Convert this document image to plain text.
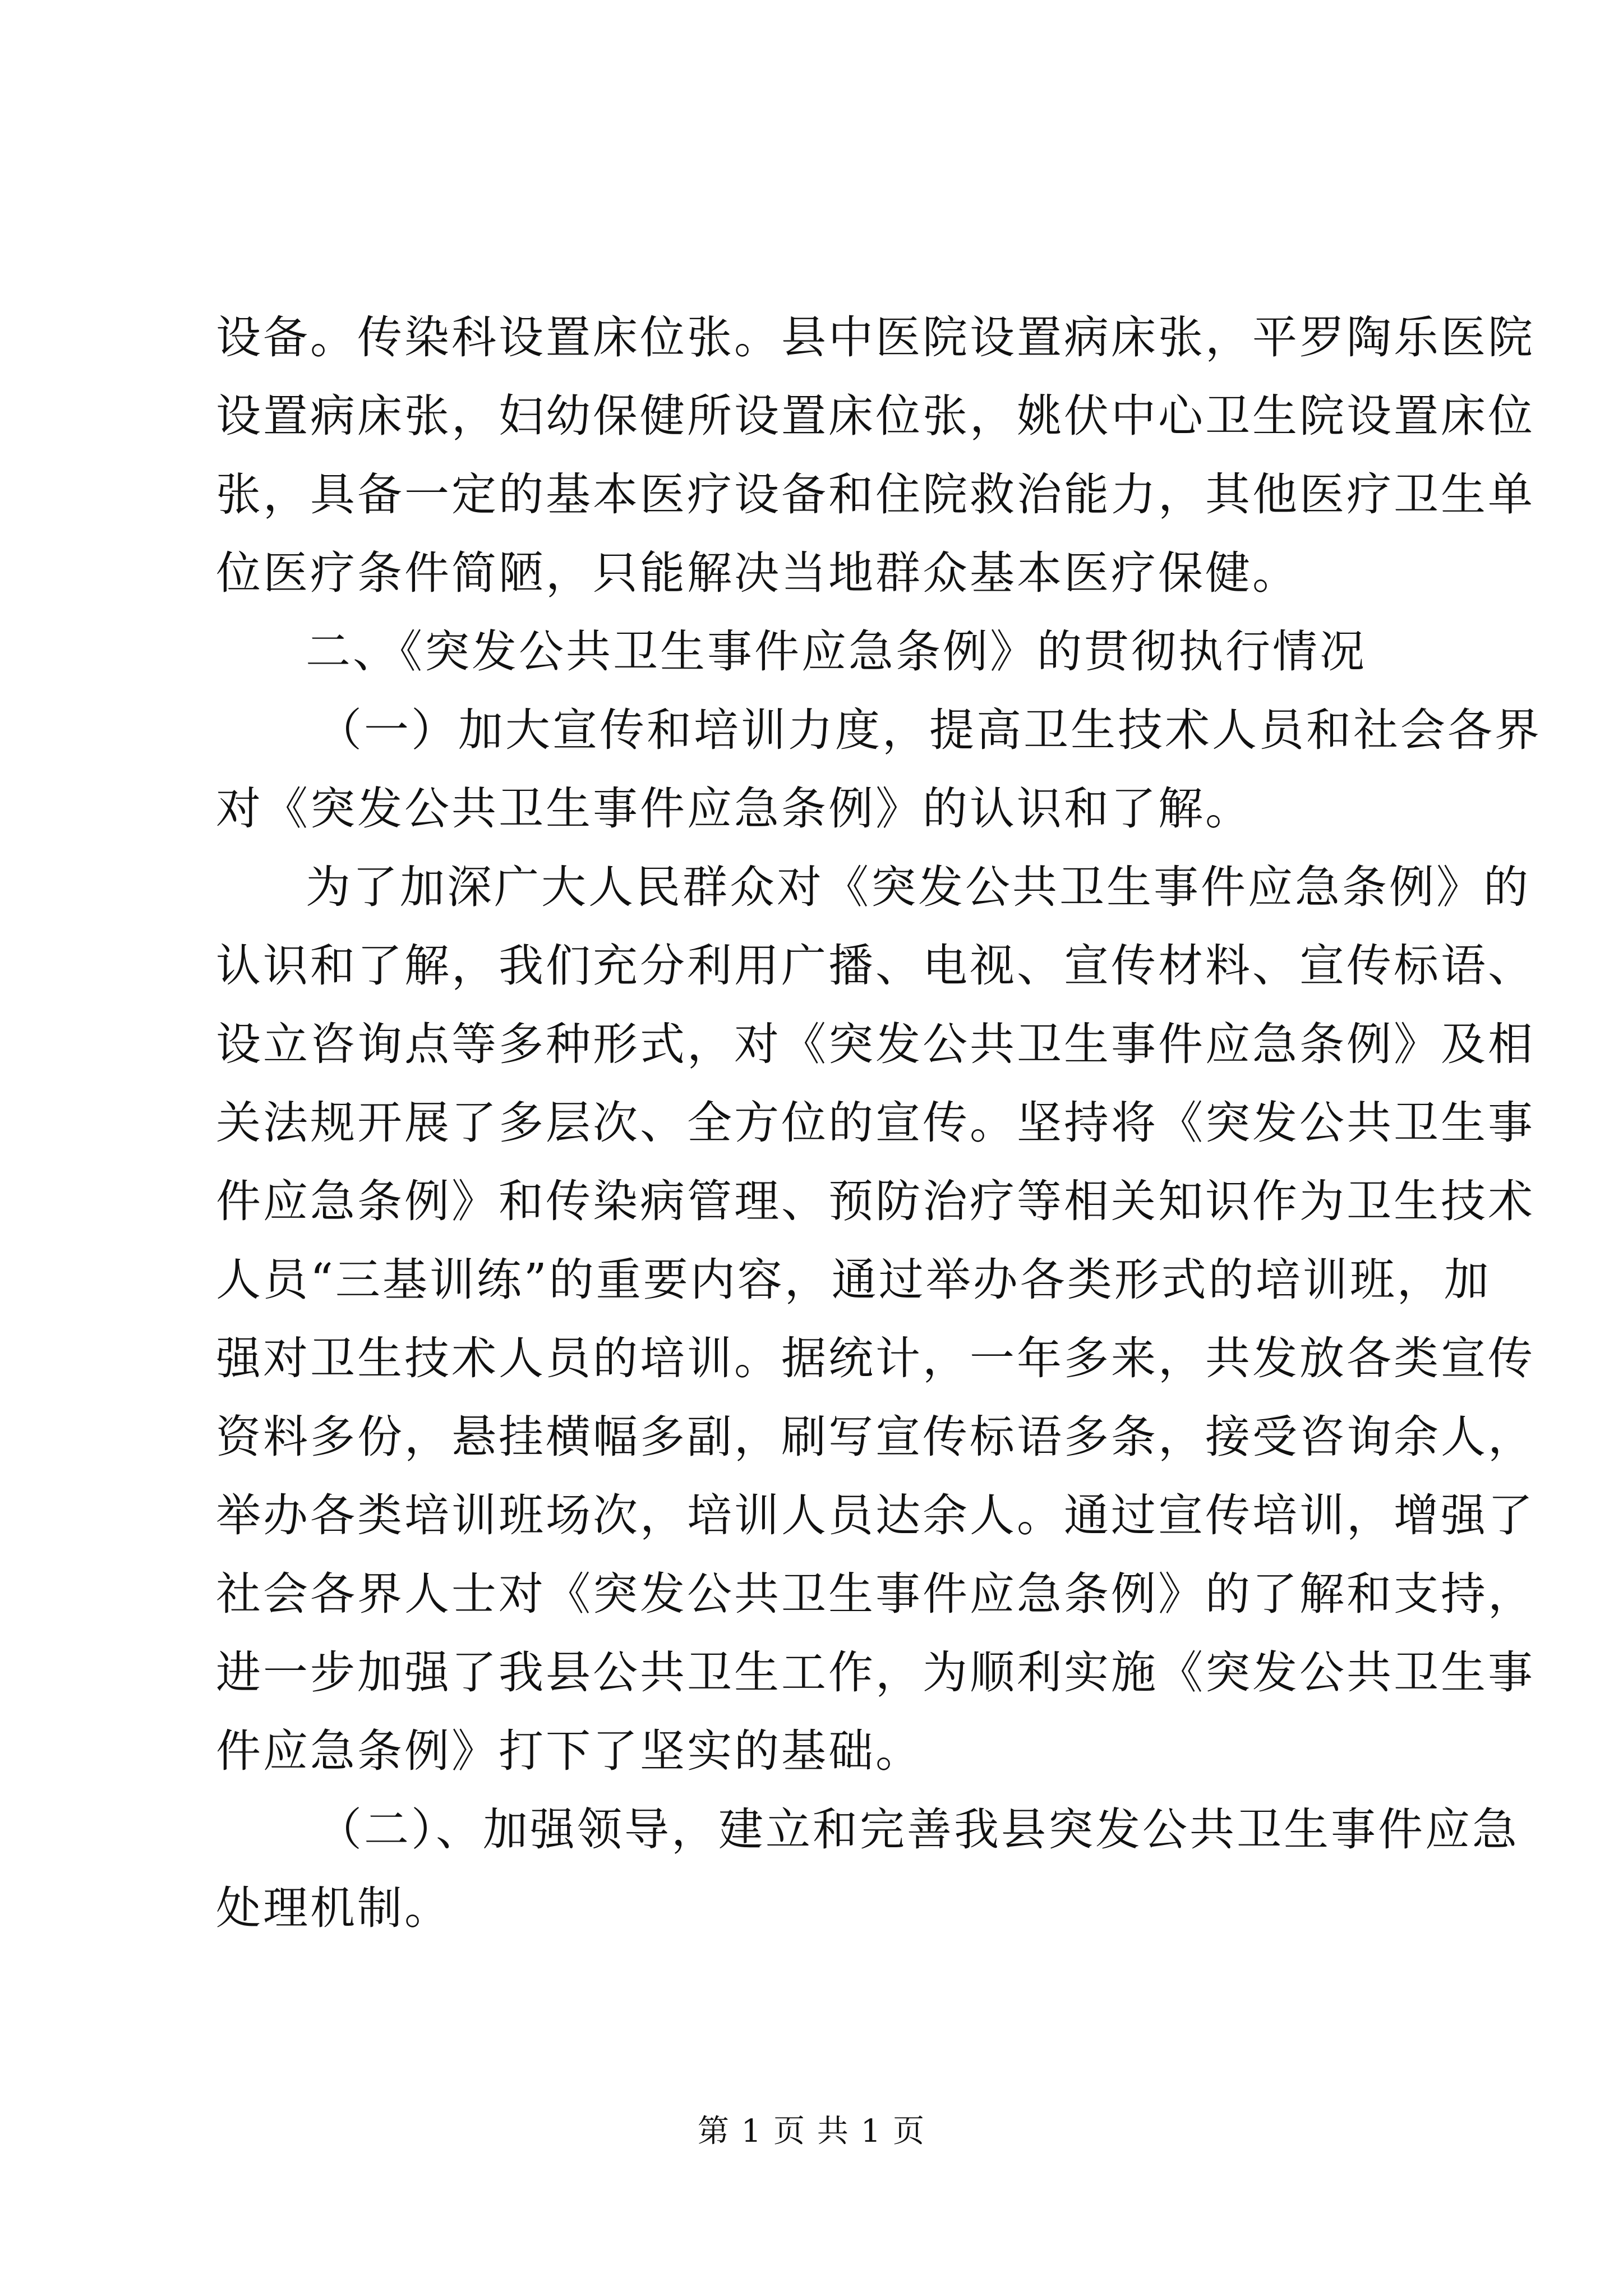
设备。传染科设置床位张。县中医院设置病床张，平罗陶乐医院
设置病床张，妇幼保健所设置床位张，姚伏中心卫生院设置床位
张，具备一定的基本医疗设备和住院救治能力，其他医疗卫生单
位医疗条件简陋，只能解决当地群众基本医疗保健。
二、《突发公共卫生事件应急条例》的贯彻执行情况
（一）加大宣传和培训力度，提高卫生技术人员和社会各界
对《突发公共卫生事件应急条例》的认识和了解。
为了加深广大人民群众对《突发公共卫生事件应急条例》的
认识和了解，我们充分利用广播、电视、宣传材料、宣传标语、
设立咨询点等多种形式，对《突发公共卫生事件应急条例》及相
关法规开展了多层次、全方位的宣传。坚持将《突发公共卫生事
件应急条例》和传染病管理、预防治疗等相关知识作为卫生技术
人员“三基训练”的重要内容，通过举办各类形式的培训班，加
强对卫生技术人员的培训。据统计，一年多来，共发放各类宣传
资料多份，悬挂横幅多副，刷写宣传标语多条，接受咨询余人，
举办各类培训班场次，培训人员达余人。通过宣传培训，增强了
社会各界人士对《突发公共卫生事件应急条例》的了解和支持，
进一步加强了我县公共卫生工作，为顺利实施《突发公共卫生事
件应急条例》打下了坚实的基础。
（二）、加强领导，建立和完善我县突发公共卫生事件应急
处理机制。
第 1 页 共 1 页
